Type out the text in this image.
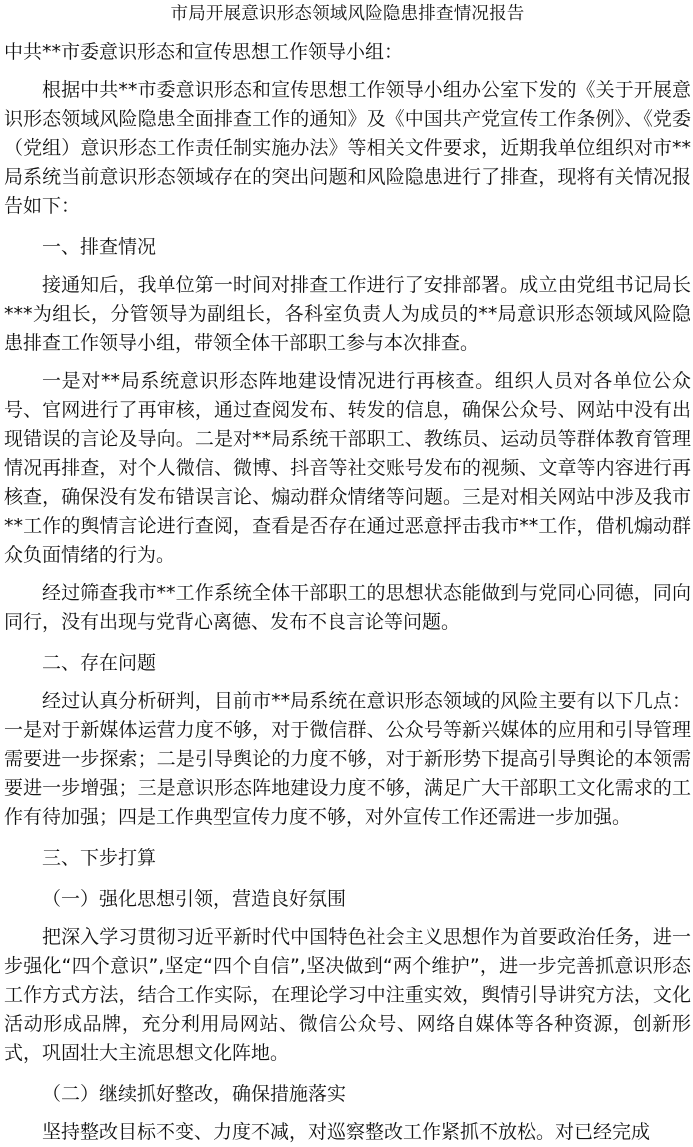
市局开展意识形态领域风险隐患排查情况报告
中共**市委意识形态和宣传思想工作领导小组：
根据中共**市委意识形态和宣传思想工作领导小组办公室下发的《关于开展意识形态领域风险隐患全面排查工作的通知》及《中国共产党宣传工作条例》、《党委（党组）意识形态工作责任制实施办法》等相关文件要求，近期我单位组织对市**局系统当前意识形态领域存在的突出问题和风险隐患进行了排查，现将有关情况报告如下：
一、排查情况
接通知后，我单位第一时间对排查工作进行了安排部署。成立由党组书记局长***为组长，分管领导为副组长，各科室负责人为成员的**局意识形态领域风险隐患排查工作领导小组，带领全体干部职工参与本次排查。
一是对**局系统意识形态阵地建设情况进行再核查。组织人员对各单位公众号、官网进行了再审核，通过查阅发布、转发的信息，确保公众号、网站中没有出现错误的言论及导向。二是对**局系统干部职工、教练员、运动员等群体教育管理情况再排查，对个人微信、微博、抖音等社交账号发布的视频、文章等内容进行再核查，确保没有发布错误言论、煽动群众情绪等问题。三是对相关网站中涉及我市**工作的舆情言论进行查阅，查看是否存在通过恶意抨击我市**工作，借机煽动群众负面情绪的行为。
经过筛查我市**工作系统全体干部职工的思想状态能做到与党同心同德，同向同行，没有出现与党背心离德、发布不良言论等问题。
二、存在问题
经过认真分析研判，目前市**局系统在意识形态领域的风险主要有以下几点：一是对于新媒体运营力度不够，对于微信群、公众号等新兴媒体的应用和引导管理需要进一步探索；二是引导舆论的力度不够，对于新形势下提高引导舆论的本领需要进一步增强；三是意识形态阵地建设力度不够，满足广大干部职工文化需求的工作有待加强；四是工作典型宣传力度不够，对外宣传工作还需进一步加强。
三、下步打算
（一）强化思想引领，营造良好氛围
把深入学习贯彻习近平新时代中国特色社会主义思想作为首要政治任务，进一步强化“四个意识”,坚定“四个自信”,坚决做到“两个维护”，进一步完善抓意识形态工作方式方法，结合工作实际，在理论学习中注重实效，舆情引导讲究方法，文化活动形成品牌，充分利用局网站、微信公众号、网络自媒体等各种资源，创新形式，巩固壮大主流思想文化阵地。
（二）继续抓好整改，确保措施落实
坚持整改目标不变、力度不减，对巡察整改工作紧抓不放松。对已经完成
